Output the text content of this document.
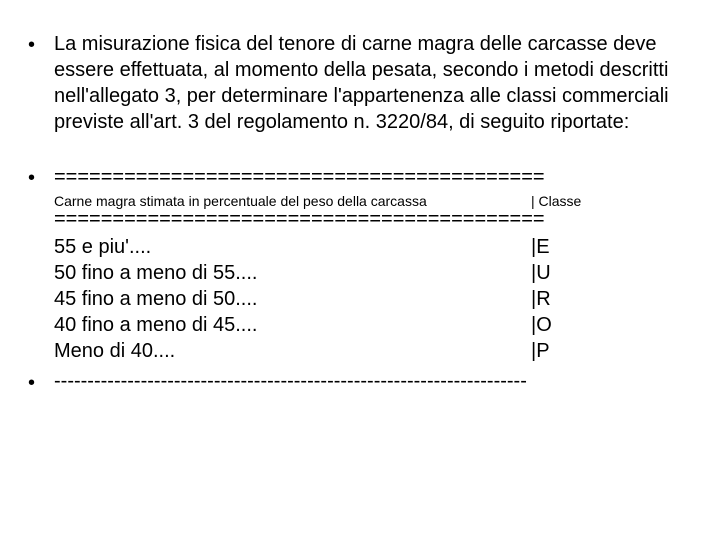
• La misurazione fisica del tenore di carne magra delle carcasse deve essere effettuata, al momento della pesata, secondo i metodi descritti nell'allegato 3, per determinare l'appartenenza alle classi commerciali previste all'art. 3 del regolamento n. 3220/84, di seguito riportate:
• ==========================================
Carne magra stimata in percentuale del peso della carcassa	| Classe
==========================================
55 e piu'....	|E
50 fino a meno di 55....	|U
45 fino a meno di 50....	|R
40 fino a meno di 45....	|O
Meno di 40....	|P
• -----------------------------------------------------------------------
